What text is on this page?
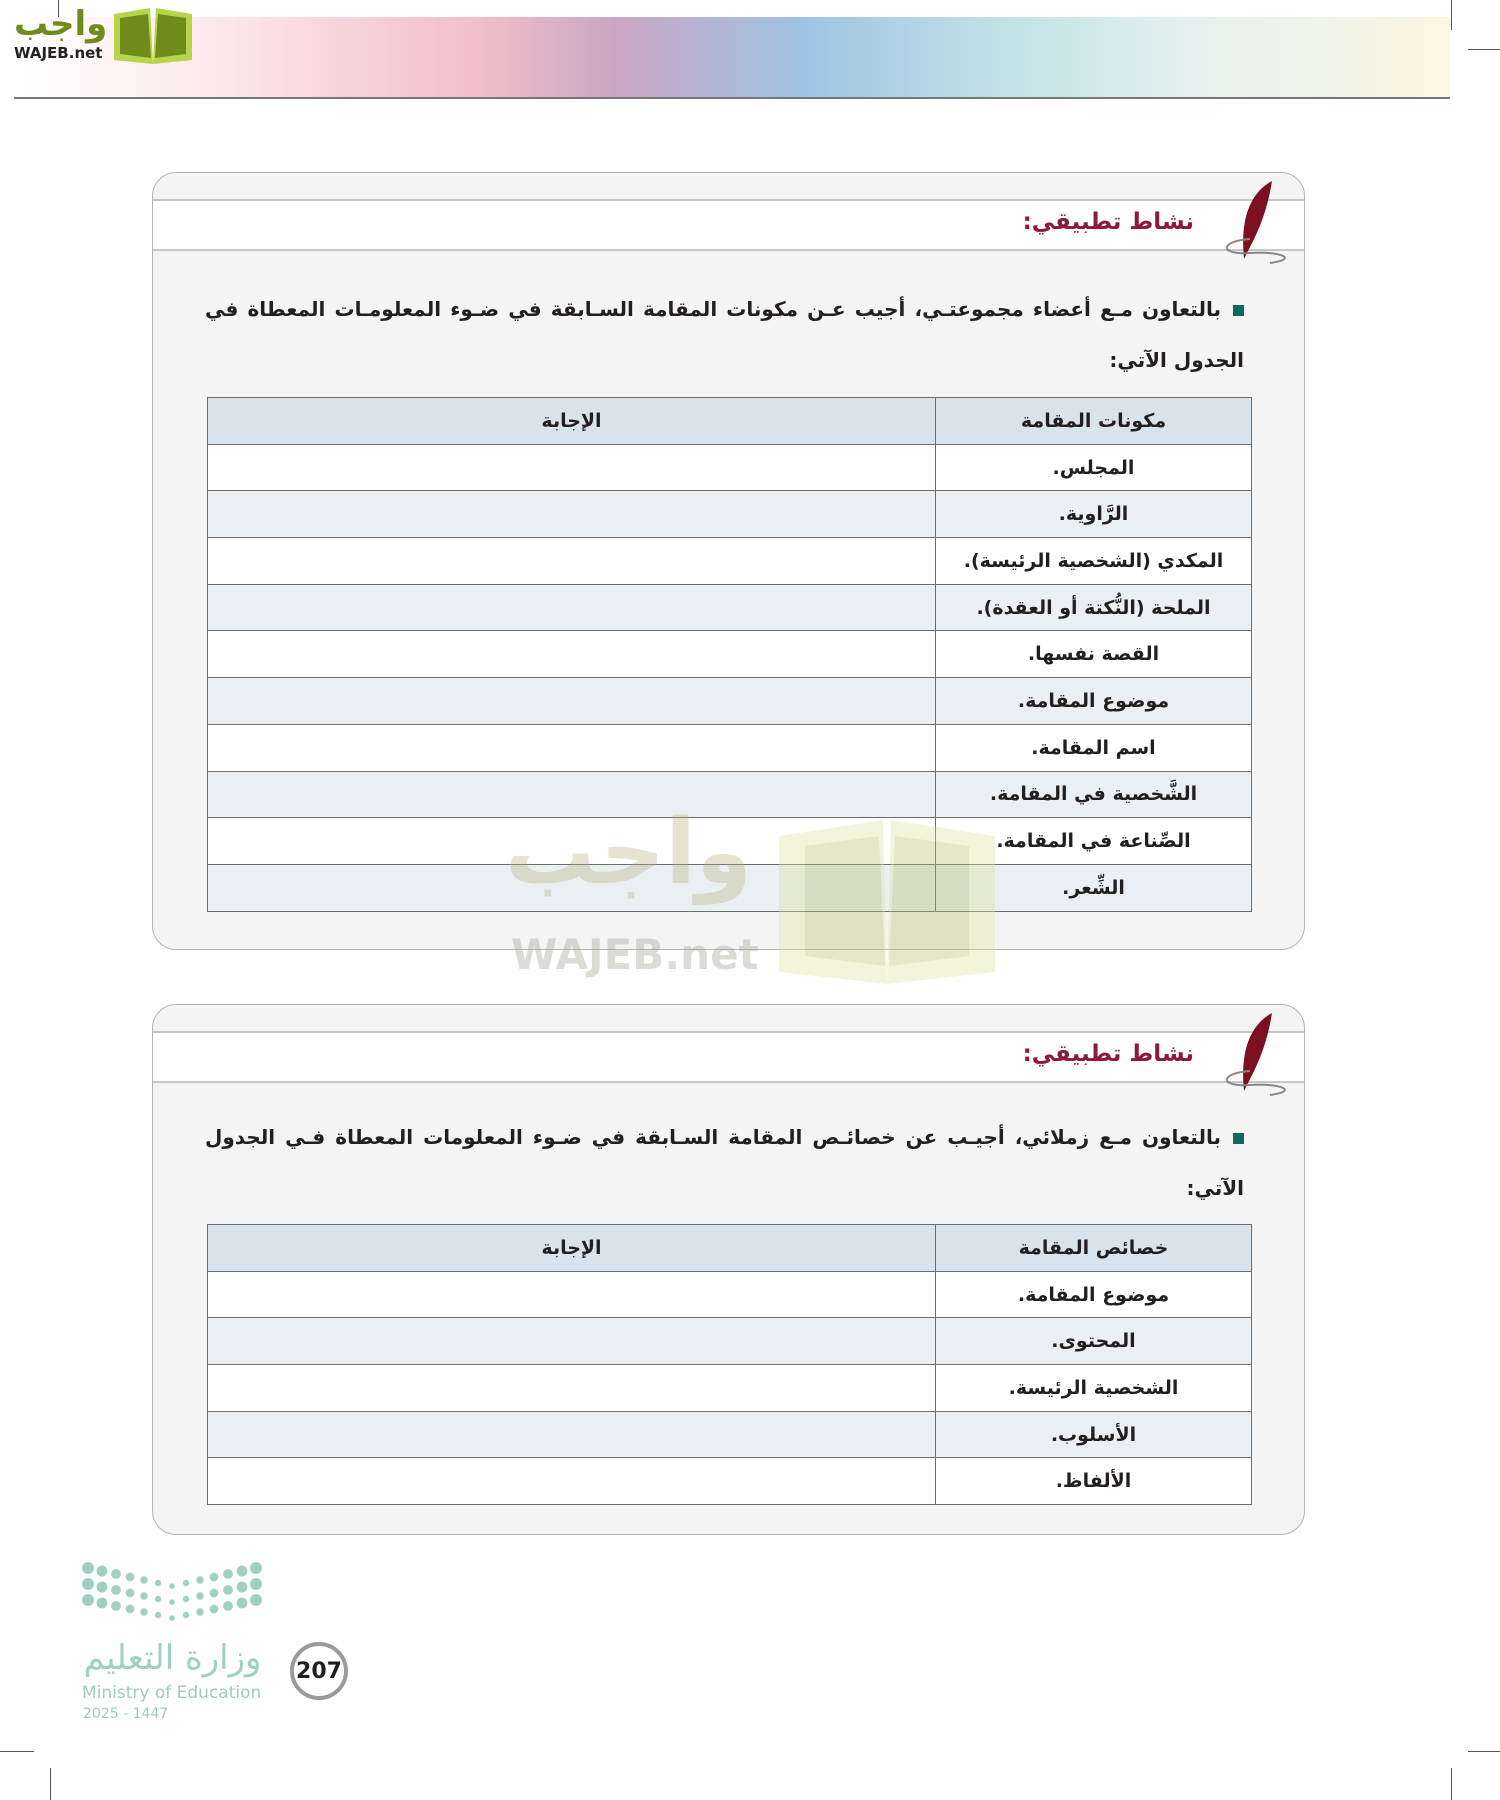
واجب
WAJEB.net
نشاط تطبيقي:
بالتعاون مـع أعضاء مجموعتـي، أجيب عـن مكونات المقامة السـابقة في ضـوء المعلومـات المعطاة في الجدول الآتي:
مكونات المقامة	الإجابة
المجلس.	
الرَّاوية.	
المكدي (الشخصية الرئيسة).	
الملحة (النُّكتة أو العقدة).	
القصة نفسها.	
موضوع المقامة.	
اسم المقامة.	
الشَّخصية في المقامة.	
الصِّناعة في المقامة.	
الشِّعر.	
واجب
WAJEB.net
نشاط تطبيقي:
بالتعاون مـع زملائي، أجيـب عن خصائـص المقامة السـابقة في ضـوء المعلومات المعطاة فـي الجدول الآتي:
خصائص المقامة	الإجابة
موضوع المقامة.	
المحتوى.	
الشخصية الرئيسة.	
الأسلوب.	
الألفاظ.	
وزارة التعليم
Ministry of Education
2025 - 1447
207
